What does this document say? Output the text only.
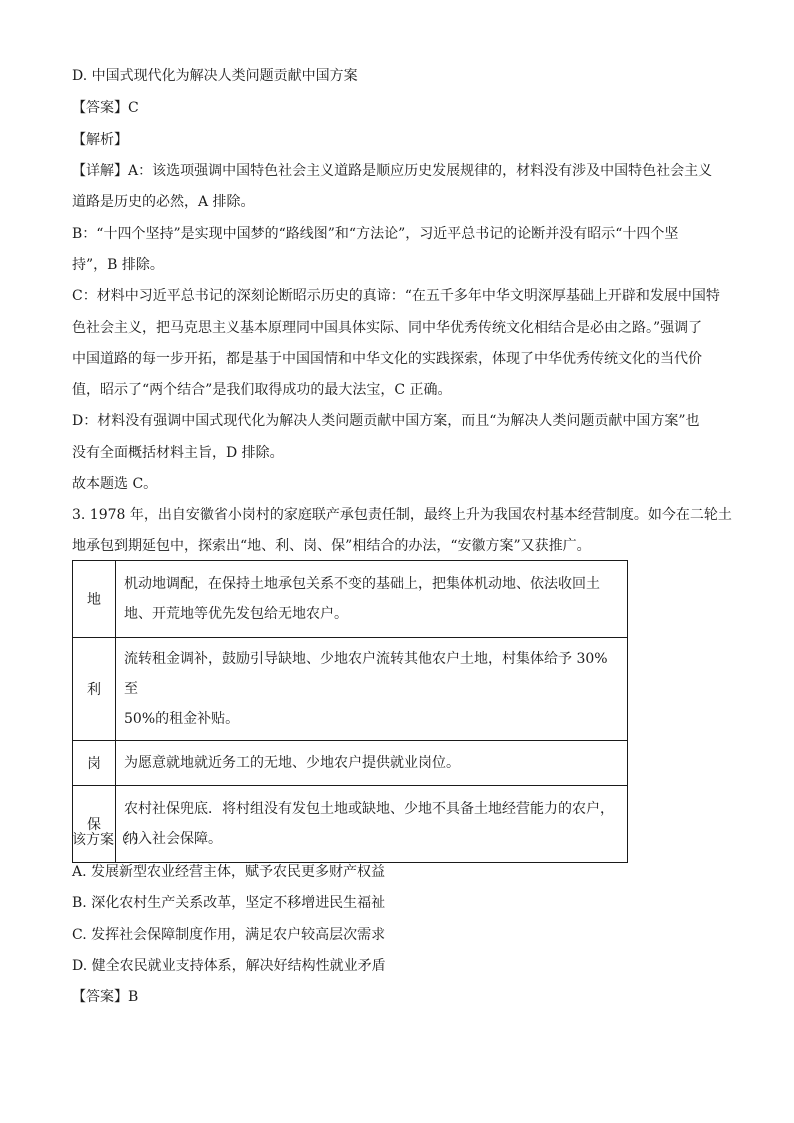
D. 中国式现代化为解决人类问题贡献中国方案
【答案】C
【解析】
【详解】A：该选项强调中国特色社会主义道路是顺应历史发展规律的，材料没有涉及中国特色社会主义
道路是历史的必然，A 排除。
B：“十四个坚持”是实现中国梦的“路线图”和“方法论”，习近平总书记的论断并没有昭示“十四个坚
持”，B 排除。
C：材料中习近平总书记的深刻论断昭示历史的真谛：“在五千多年中华文明深厚基础上开辟和发展中国特
色社会主义，把马克思主义基本原理同中国具体实际、同中华优秀传统文化相结合是必由之路。”强调了
中国道路的每一步开拓，都是基于中国国情和中华文化的实践探索，体现了中华优秀传统文化的当代价
值，昭示了“两个结合”是我们取得成功的最大法宝，C 正确。
D：材料没有强调中国式现代化为解决人类问题贡献中国方案，而且“为解决人类问题贡献中国方案”也
没有全面概括材料主旨，D 排除。
故本题选 C。
3. 1978 年，出自安徽省小岗村的家庭联产承包责任制，最终上升为我国农村基本经营制度。如今在二轮土
地承包到期延包中，探索出“地、利、岗、保”相结合的办法，“安徽方案”又获推广。
地	机动地调配，在保持土地承包关系不变的基础上，把集体机动地、依法收回土
地、开荒地等优先发包给无地农户。

利	流转租金调补，鼓励引导缺地、少地农户流转其他农户土地，村集体给予 30%至
50%的租金补贴。

岗	为愿意就地就近务工的无地、少地农户提供就业岗位。

保	农村社保兜底．将村组没有发包土地或缺地、少地不具备土地经营能力的农户，
纳入社会保障。
该方案（ ）
A. 发展新型农业经营主体，赋予农民更多财产权益
B. 深化农村生产关系改革，坚定不移增进民生福祉
C. 发挥社会保障制度作用，满足农户较高层次需求
D. 健全农民就业支持体系，解决好结构性就业矛盾
【答案】B
